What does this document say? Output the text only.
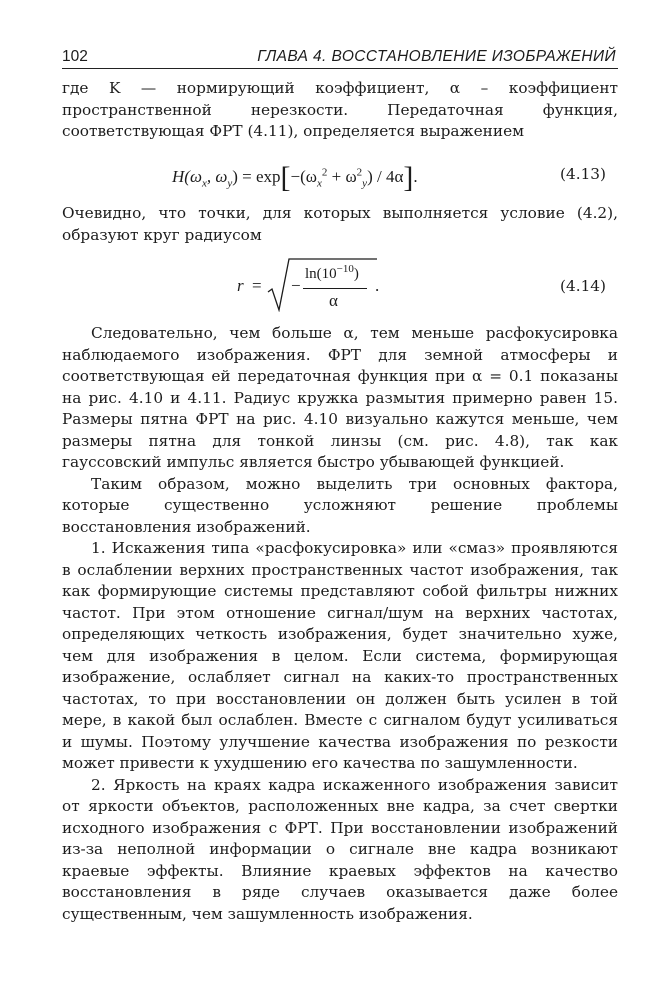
102	ГЛАВА 4. ВОССТАНОВЛЕНИЕ ИЗОБРАЖЕНИЙ

где K — нормирующий коэффициент, α – коэффициент пространственной нерезкости. Передаточная функция, соответствующая ФРТ (4.11), определяется выражением

$H(\omega_x$, $\omega_y) = \exp[-(\omega_x^2 + \omega^2_y) / 4\alpha]$.	(4.13)

Очевидно, что точки, для которых выполняется условие (4.2), образуют круг радиусом

r = −
$\ln(10^{-10})$
α
.	(4.14)

Следовательно, чем больше α, тем меньше расфокусировка наблюдаемого изображения. ФРТ для земной атмосферы и соответствующая ей передаточная функция при α = 0.1 показаны на рис. 4.10 и 4.11. Радиус кружка размытия примерно равен 15. Размеры пятна ФРТ на рис. 4.10 визуально кажутся меньше, чем размеры пятна для тонкой линзы (см. рис. 4.8), так как гауссовский импульс является быстро убывающей функцией.

Таким образом, можно выделить три основных фактора, которые существенно усложняют решение проблемы восстановления изображений.

1. Искажения типа «расфокусировка» или «смаз» проявляются в ослаблении верхних пространственных частот изображения, так как формирующие системы представляют собой фильтры нижних частот. При этом отношение сигнал/шум на верхних частотах, определяющих четкость изображения, будет значительно хуже, чем для изображения в целом. Если система, формирующая изображение, ослабляет сигнал на каких-то пространственных частотах, то при восстановлении он должен быть усилен в той мере, в какой был ослаблен. Вместе с сигналом будут усиливаться и шумы. Поэтому улучшение качества изображения по резкости может привести к ухудшению его качества по зашумленности.

2. Яркость на краях кадра искаженного изображения зависит от яркости объектов, расположенных вне кадра, за счет свертки исходного изображения с ФРТ. При восстановлении изображений из-за неполной информации о сигнале вне кадра возникают краевые эффекты. Влияние краевых эффектов на качество восстановления в ряде случаев оказывается даже более существенным, чем зашумленность изображения.
